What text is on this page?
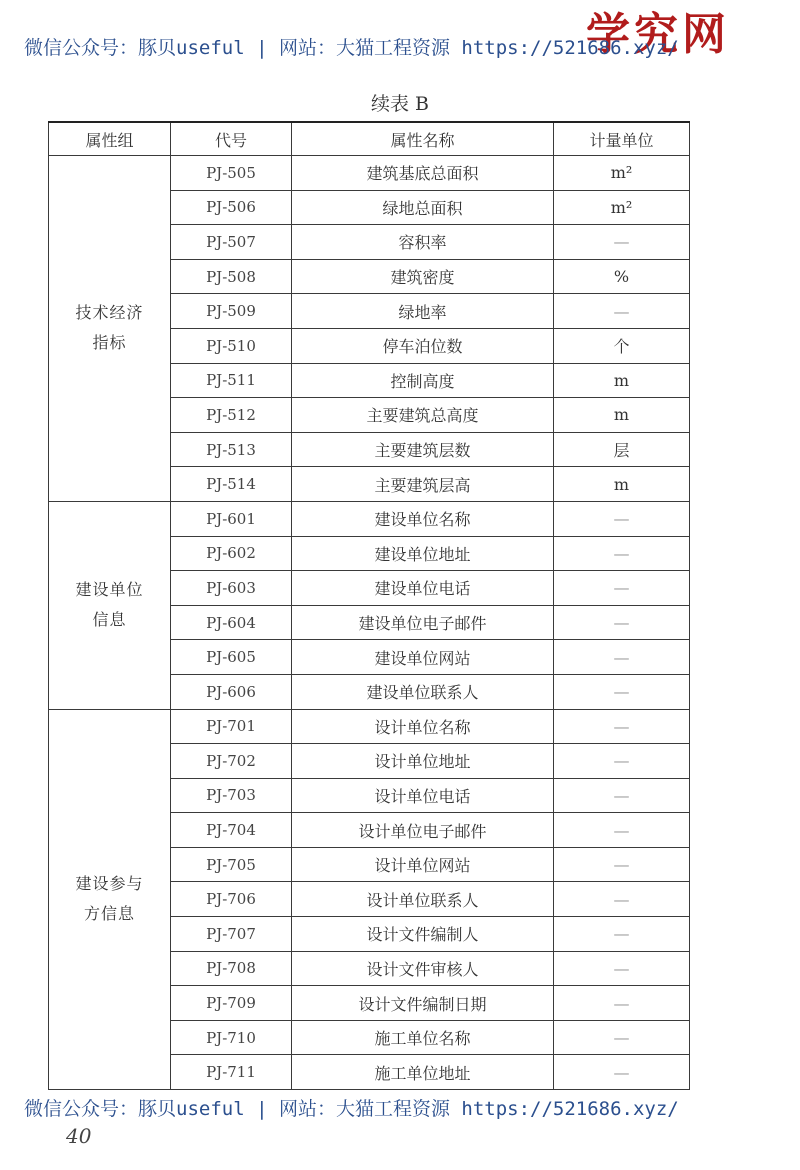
学究网
微信公众号：豚贝useful | 网站：大猫工程资源 https://521686.xyz/
续表 B
属性组	代号	属性名称	计量单位

技术经济
指标	PJ-505	建筑基底总面积	m²
	PJ-506	绿地总面积	m²
	PJ-507	容积率	—
	PJ-508	建筑密度	%
	PJ-509	绿地率	—
	PJ-510	停车泊位数	个
	PJ-511	控制高度	m
	PJ-512	主要建筑总高度	m
	PJ-513	主要建筑层数	层
	PJ-514	主要建筑层高	m

建设单位
信息	PJ-601	建设单位名称	—
	PJ-602	建设单位地址	—
	PJ-603	建设单位电话	—
	PJ-604	建设单位电子邮件	—
	PJ-605	建设单位网站	—
	PJ-606	建设单位联系人	—

建设参与
方信息	PJ-701	设计单位名称	—
	PJ-702	设计单位地址	—
	PJ-703	设计单位电话	—
	PJ-704	设计单位电子邮件	—
	PJ-705	设计单位网站	—
	PJ-706	设计单位联系人	—
	PJ-707	设计文件编制人	—
	PJ-708	设计文件审核人	—
	PJ-709	设计文件编制日期	—
	PJ-710	施工单位名称	—
	PJ-711	施工单位地址	—
微信公众号：豚贝useful | 网站：大猫工程资源 https://521686.xyz/
40
